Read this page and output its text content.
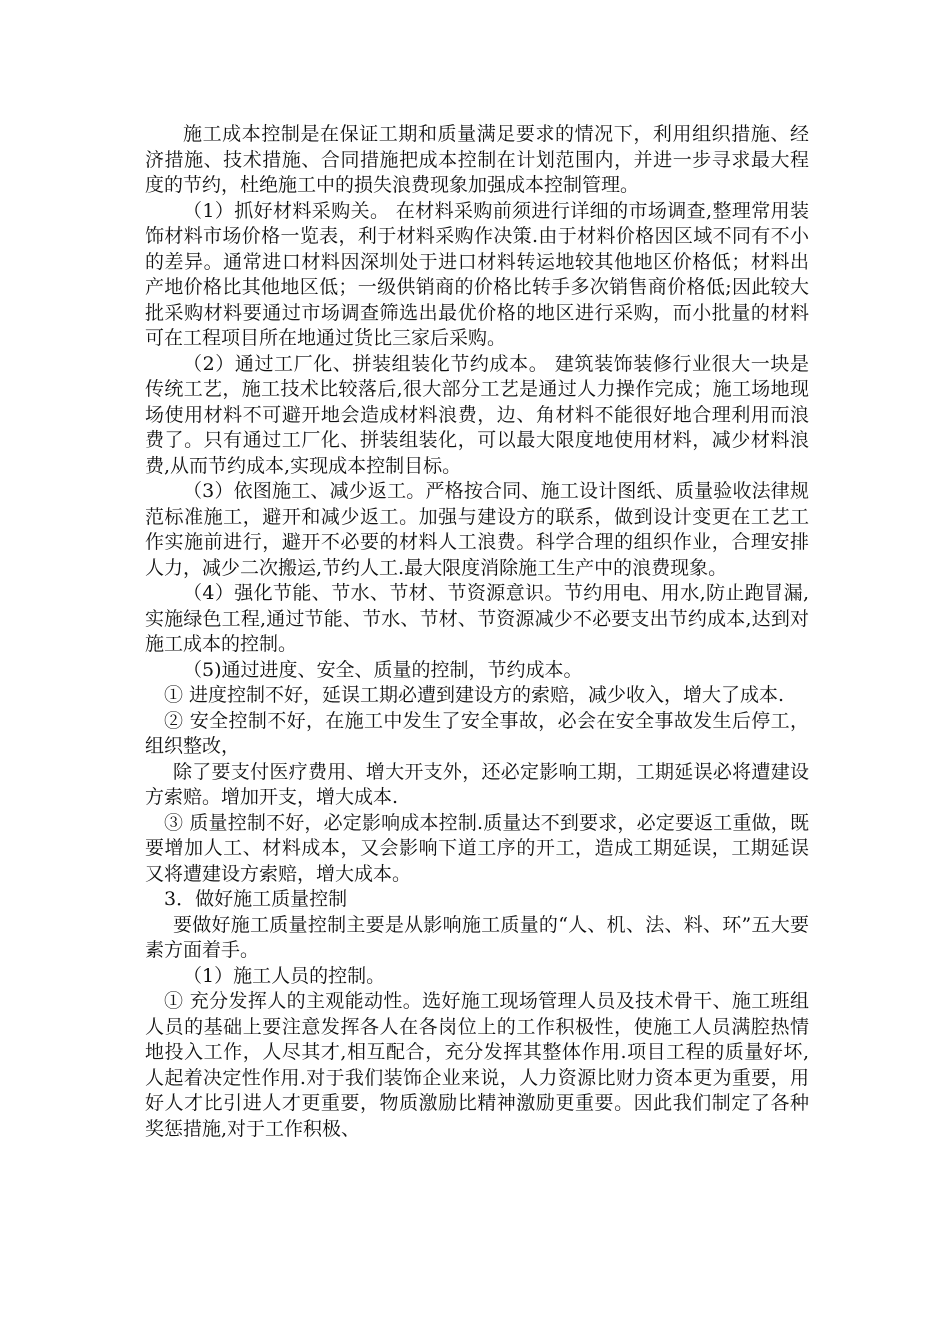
施工成本控制是在保证工期和质量满足要求的情况下，利用组织措施、经济措施、技术措施、合同措施把成本控制在计划范围内，并进一步寻求最大程度的节约，杜绝施工中的损失浪费现象加强成本控制管理。

（1）抓好材料采购关。 在材料采购前须进行详细的市场调查,整理常用装饰材料市场价格一览表，利于材料采购作决策.由于材料价格因区域不同有不小的差异。通常进口材料因深圳处于进口材料转运地较其他地区价格低；材料出产地价格比其他地区低；一级供销商的价格比转手多次销售商价格低;因此较大批采购材料要通过市场调查筛选出最优价格的地区进行采购，而小批量的材料可在工程项目所在地通过货比三家后采购。

（2）通过工厂化、拼装组装化节约成本。 建筑装饰装修行业很大一块是传统工艺，施工技术比较落后,很大部分工艺是通过人力操作完成；施工场地现场使用材料不可避开地会造成材料浪费，边、角材料不能很好地合理利用而浪费了。只有通过工厂化、拼装组装化，可以最大限度地使用材料，减少材料浪费,从而节约成本,实现成本控制目标。

（3）依图施工、减少返工。严格按合同、施工设计图纸、质量验收法律规范标准施工，避开和减少返工。加强与建设方的联系，做到设计变更在工艺工作实施前进行，避开不必要的材料人工浪费。科学合理的组织作业，合理安排人力，减少二次搬运,节约人工.最大限度消除施工生产中的浪费现象。

（4）强化节能、节水、节材、节资源意识。节约用电、用水,防止跑冒漏,实施绿色工程,通过节能、节水、节材、节资源减少不必要支出节约成本,达到对施工成本的控制。

（5)通过进度、安全、质量的控制，节约成本。

① 进度控制不好，延误工期必遭到建设方的索赔，减少收入，增大了成本.

② 安全控制不好，在施工中发生了安全事故，必会在安全事故发生后停工，组织整改，

除了要支付医疗费用、增大开支外，还必定影响工期，工期延误必将遭建设方索赔。增加开支，增大成本.

③ 质量控制不好，必定影响成本控制.质量达不到要求，必定要返工重做，既要增加人工、材料成本，又会影响下道工序的开工，造成工期延误，工期延误又将遭建设方索赔，增大成本。

3．做好施工质量控制

要做好施工质量控制主要是从影响施工质量的“人、机、法、料、环”五大要素方面着手。

（1）施工人员的控制。

① 充分发挥人的主观能动性。选好施工现场管理人员及技术骨干、施工班组人员的基础上要注意发挥各人在各岗位上的工作积极性，使施工人员满腔热情地投入工作，人尽其才,相互配合，充分发挥其整体作用.项目工程的质量好坏,人起着决定性作用.对于我们装饰企业来说，人力资源比财力资本更为重要，用好人才比引进人才更重要，物质激励比精神激励更重要。因此我们制定了各种奖惩措施,对于工作积极、
